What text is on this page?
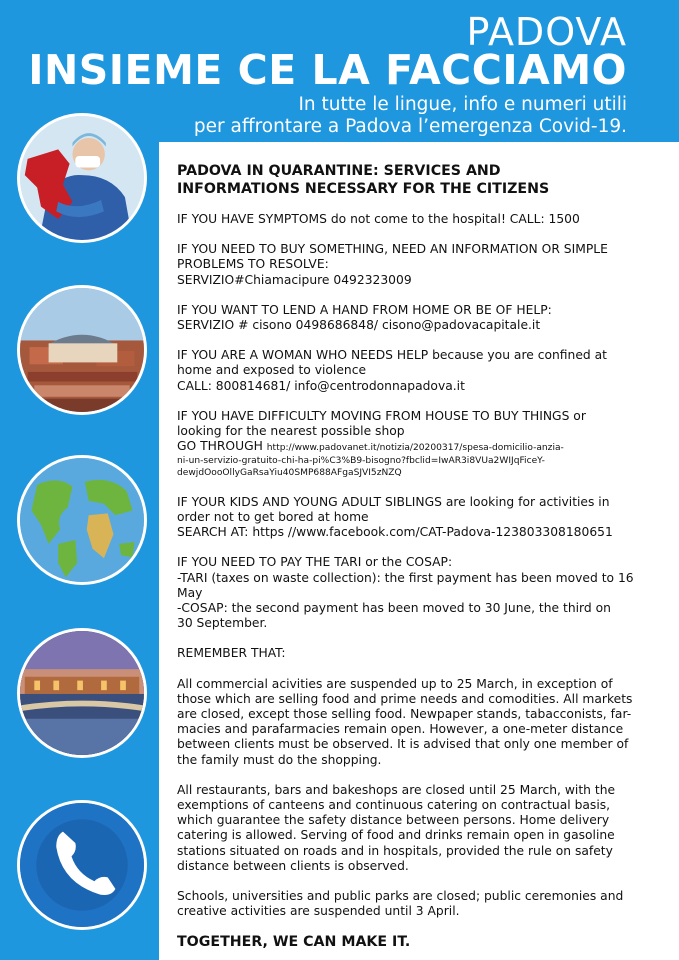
PADOVA
INSIEME CE LA FACCIAMO
In tutte le lingue, info e numeri utili
per affrontare a Padova l’emergenza Covid-19.
PADOVA IN QUARANTINE: SERVICES AND
INFORMATIONS NECESSARY FOR THE CITIZENS

IF YOU HAVE SYMPTOMS do not come to the hospital! CALL: 1500

IF YOU NEED TO BUY SOMETHING, NEED AN INFORMATION OR SIMPLE
PROBLEMS TO RESOLVE:
SERVIZIO#Chiamacipure 0492323009

IF YOU WANT TO LEND A HAND FROM HOME OR BE OF HELP:
SERVIZIO # cisono 0498686848/ cisono@padovacapitale.it

IF YOU ARE A WOMAN WHO NEEDS HELP because you are confined at
home and exposed to violence
CALL: 800814681/ info@centrodonnapadova.it

IF YOU HAVE DIFFICULTY MOVING FROM HOUSE TO BUY THINGS or
looking for the nearest possible shop
GO THROUGH http://www.padovanet.it/notizia/20200317/spesa-domicilio-anzia-
ni-un-servizio-gratuito-chi-ha-pi%C3%B9-bisogno?fbclid=IwAR3i8VUa2WIJqFiceY-
dewjdOooOllyGaRsaYiu40SMP688AFgaSJVI5zNZQ

IF YOUR KIDS AND YOUNG ADULT SIBLINGS are looking for activities in
order not to get bored at home
SEARCH AT: https //www.facebook.com/CAT-Padova-123803308180651

IF YOU NEED TO PAY THE TARI or the COSAP:
-TARI (taxes on waste collection): the first payment has been moved to 16
May
-COSAP: the second payment has been moved to 30 June, the third on
30 September.

REMEMBER THAT:

All commercial acivities are suspended up to 25 March, in exception of
those which are selling food and prime needs and comodities. All markets
are closed, except those selling food. Newpaper stands, tabacconists, far-
macies and parafarmacies remain open. However, a one-meter distance
between clients must be observed. It is advised that only one member of
the family must do the shopping.

All restaurants, bars and bakeshops are closed until 25 March, with the
exemptions of canteens and continuous catering on contractual basis,
which guarantee the safety distance between persons. Home delivery
catering is allowed. Serving of food and drinks remain open in gasoline
stations situated on roads and in hospitals, provided the rule on safety
distance between clients is observed.

Schools, universities and public parks are closed; public ceremonies and
creative activities are suspended until 3 April.

TOGETHER, WE CAN MAKE IT.
